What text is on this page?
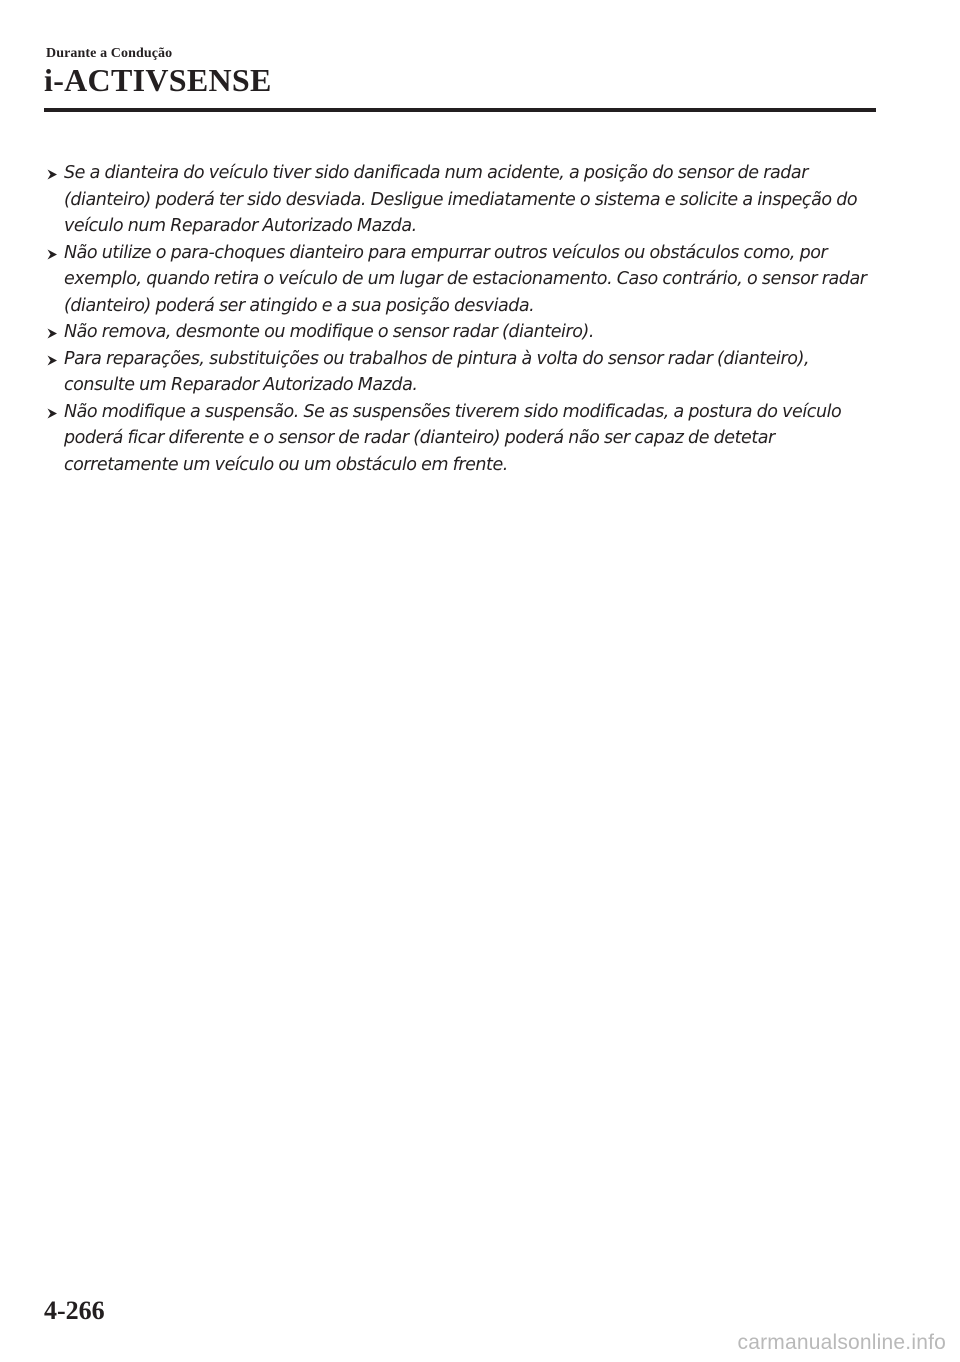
Durante a Condução
i-ACTIVSENSE
Se a dianteira do veículo tiver sido danificada num acidente, a posição do sensor de radar (dianteiro) poderá ter sido desviada. Desligue imediatamente o sistema e solicite a inspeção do veículo num Reparador Autorizado Mazda.
Não utilize o para-choques dianteiro para empurrar outros veículos ou obstáculos como, por exemplo, quando retira o veículo de um lugar de estacionamento. Caso contrário, o sensor radar (dianteiro) poderá ser atingido e a sua posição desviada.
Não remova, desmonte ou modifique o sensor radar (dianteiro).
Para reparações, substituições ou trabalhos de pintura à volta do sensor radar (dianteiro), consulte um Reparador Autorizado Mazda.
Não modifique a suspensão. Se as suspensões tiverem sido modificadas, a postura do veículo poderá ficar diferente e o sensor de radar (dianteiro) poderá não ser capaz de detetar corretamente um veículo ou um obstáculo em frente.
4-266
carmanualsonline.info
